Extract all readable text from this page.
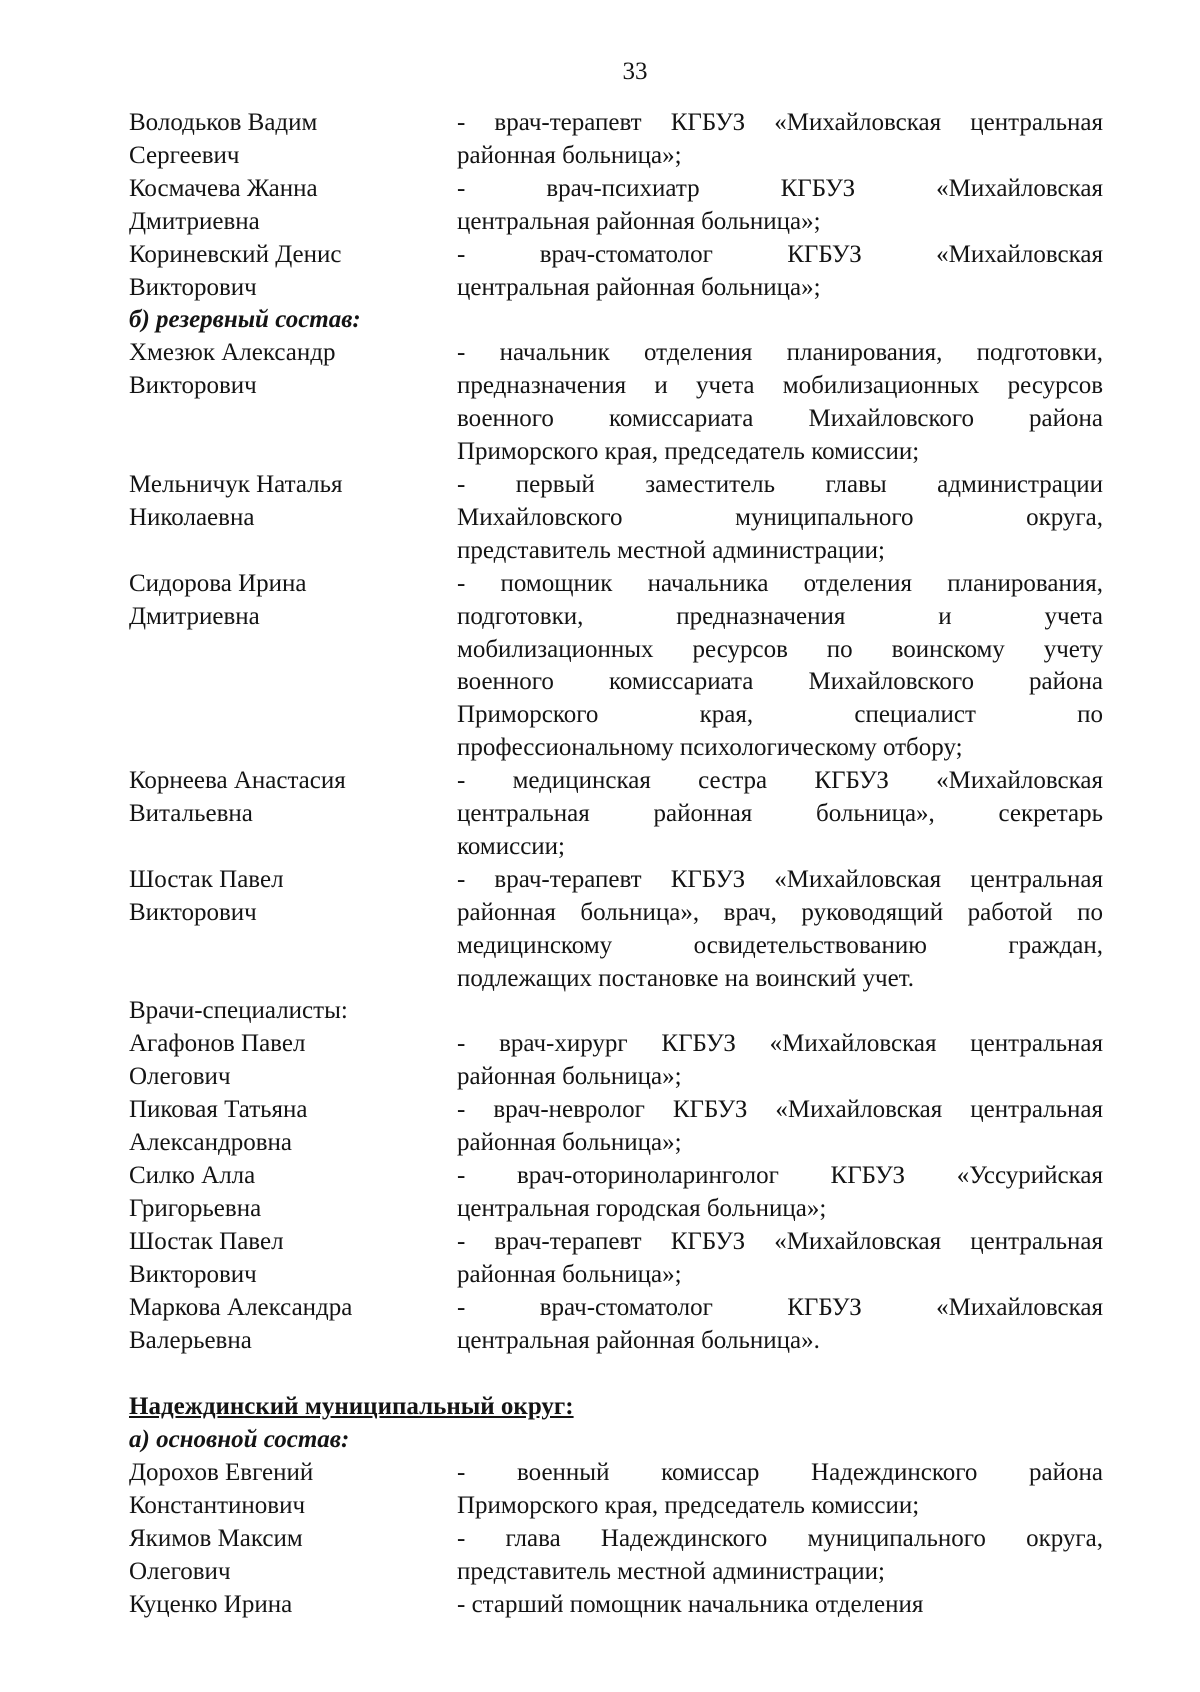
33
Володьков Вадим
Сергеевич
- врач-терапевт КГБУЗ «Михайловская центральная
районная больница»;
Космачева Жанна
Дмитриевна
- врач-психиатр КГБУЗ «Михайловская
центральная районная больница»;
Кориневский Денис
Викторович
- врач-стоматолог КГБУЗ «Михайловская
центральная районная больница»;
б) резервный состав:
Хмезюк Александр
Викторович
- начальник отделения планирования, подготовки,
предназначения и учета мобилизационных ресурсов
военного комиссариата Михайловского района
Приморского края, председатель комиссии;
Мельничук Наталья
Николаевна
- первый заместитель главы администрации
Михайловского муниципального округа,
представитель местной администрации;
Сидорова Ирина
Дмитриевна
- помощник начальника отделения планирования,
подготовки, предназначения и учета
мобилизационных ресурсов по воинскому учету
военного комиссариата Михайловского района
Приморского края, специалист по
профессиональному психологическому отбору;
Корнеева Анастасия
Витальевна
- медицинская сестра КГБУЗ «Михайловская
центральная районная больница», секретарь
комиссии;
Шостак Павел
Викторович
- врач-терапевт КГБУЗ «Михайловская центральная
районная больница», врач, руководящий работой по
медицинскому освидетельствованию граждан,
подлежащих постановке на воинский учет.
Врачи-специалисты:
Агафонов Павел
Олегович
- врач-хирург КГБУЗ «Михайловская центральная
районная больница»;
Пиковая Татьяна
Александровна
- врач-невролог КГБУЗ «Михайловская центральная
районная больница»;
Силко Алла
Григорьевна
- врач-оториноларинголог КГБУЗ «Уссурийская
центральная городская больница»;
Шостак Павел
Викторович
- врач-терапевт КГБУЗ «Михайловская центральная
районная больница»;
Маркова Александра
Валерьевна
- врач-стоматолог КГБУЗ «Михайловская
центральная районная больница».
Надеждинский муниципальный округ:
а) основной состав:
Дорохов Евгений
Константинович
- военный комиссар Надеждинского района
Приморского края, председатель комиссии;
Якимов Максим
Олегович
- глава Надеждинского муниципального округа,
представитель местной администрации;
Куценко Ирина	- старший помощник начальника отделения
